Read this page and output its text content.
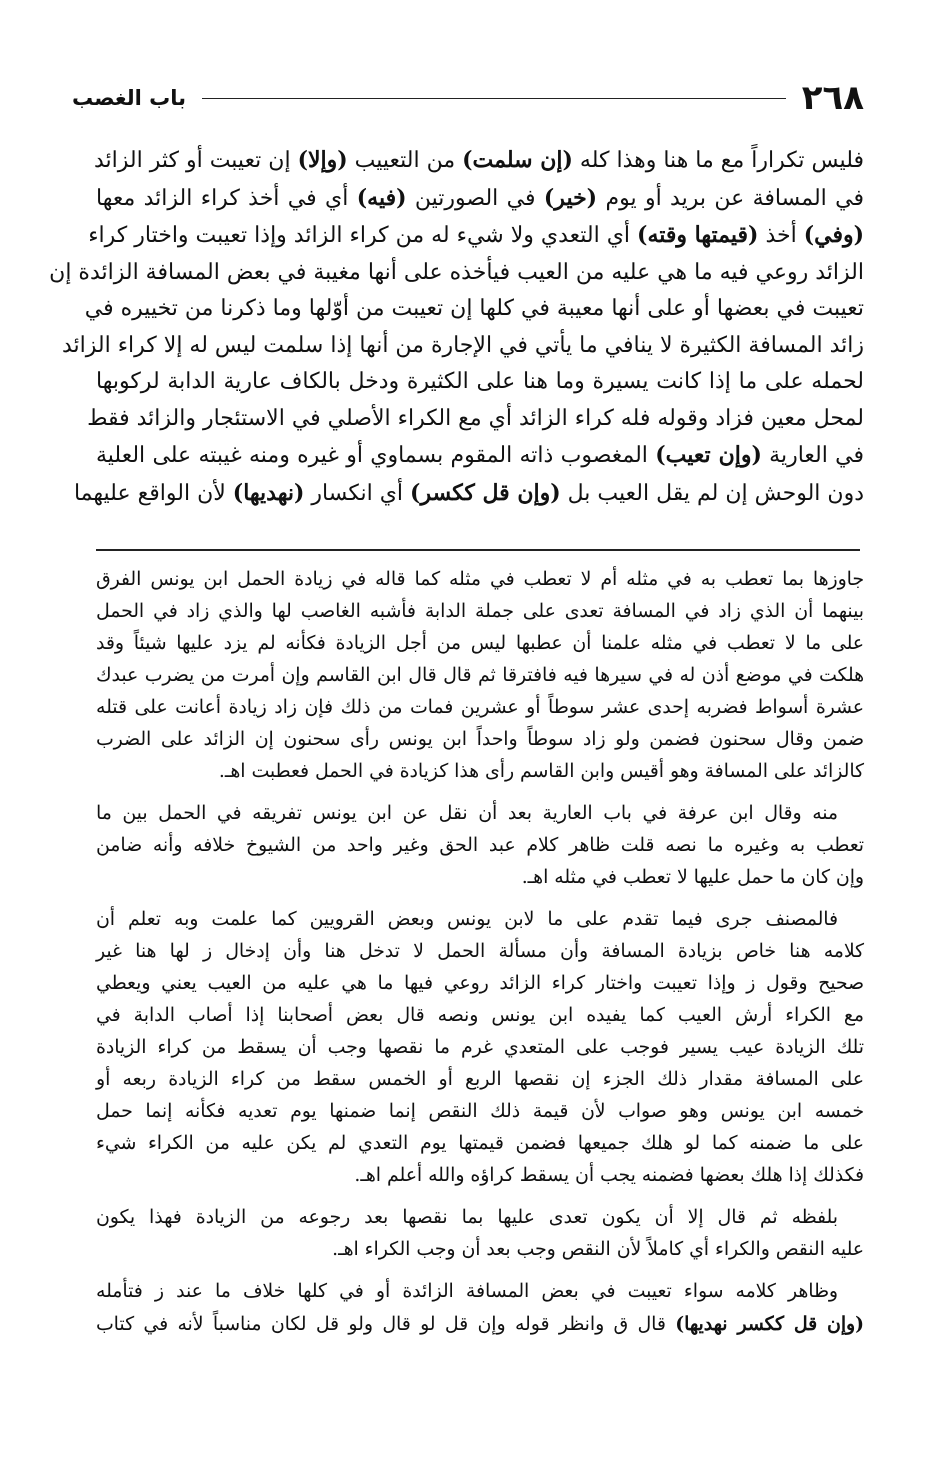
٢٦٨
باب الغصب
فليس تكراراً مع ما هنا وهذا كله (إن سلمت) من التعييب (وإلا) إن تعيبت أو كثر الزائد
في المسافة عن بريد أو يوم (خير) في الصورتين (فيه) أي في أخذ كراء الزائد معها
(وفي) أخذ (قيمتها وقته) أي التعدي ولا شيء له من كراء الزائد وإذا تعيبت واختار كراء
الزائد روعي فيه ما هي عليه من العيب فيأخذه على أنها مغيبة في بعض المسافة الزائدة إن
تعيبت في بعضها أو على أنها معيبة في كلها إن تعيبت من أوّلها وما ذكرنا من تخييره في
زائد المسافة الكثيرة لا ينافي ما يأتي في الإجارة من أنها إذا سلمت ليس له إلا كراء الزائد
لحمله على ما إذا كانت يسيرة وما هنا على الكثيرة ودخل بالكاف عارية الدابة لركوبها
لمحل معين فزاد وقوله فله كراء الزائد أي مع الكراء الأصلي في الاستئجار والزائد فقط
في العارية (وإن تعيب) المغصوب ذاته المقوم بسماوي أو غيره ومنه غيبته على العلية
دون الوحش إن لم يقل العيب بل (وإن قل ككسر) أي انكسار (نهديها) لأن الواقع عليهما

جاوزها بما تعطب به في مثله أم لا تعطب في مثله كما قاله في زيادة الحمل ابن يونس الفرق
بينهما أن الذي زاد في المسافة تعدى على جملة الدابة فأشبه الغاصب لها والذي زاد في الحمل
على ما لا تعطب في مثله علمنا أن عطبها ليس من أجل الزيادة فكأنه لم يزد عليها شيئاً وقد
هلكت في موضع أذن له في سيرها فيه فافترقا ثم قال قال ابن القاسم وإن أمرت من يضرب عبدك
عشرة أسواط فضربه إحدى عشر سوطاً أو عشرين فمات من ذلك فإن زاد زيادة أعانت على قتله
ضمن وقال سحنون فضمن ولو زاد سوطاً واحداً ابن يونس رأى سحنون إن الزائد على الضرب
كالزائد على المسافة وهو أقيس وابن القاسم رأى هذا كزيادة في الحمل فعطبت اهـ.

منه وقال ابن عرفة في باب العارية بعد أن نقل عن ابن يونس تفريقه في الحمل بين ما
تعطب به وغيره ما نصه قلت ظاهر كلام عبد الحق وغير واحد من الشيوخ خلافه وأنه ضامن
وإن كان ما حمل عليها لا تعطب في مثله اهـ.

فالمصنف جرى فيما تقدم على ما لابن يونس وبعض القرويين كما علمت وبه تعلم أن
كلامه هنا خاص بزيادة المسافة وأن مسألة الحمل لا تدخل هنا وأن إدخال ز لها هنا غير
صحيح وقول ز وإذا تعيبت واختار كراء الزائد روعي فيها ما هي عليه من العيب يعني ويعطي
مع الكراء أرش العيب كما يفيده ابن يونس ونصه قال بعض أصحابنا إذا أصاب الدابة في
تلك الزيادة عيب يسير فوجب على المتعدي غرم ما نقصها وجب أن يسقط من كراء الزيادة
على المسافة مقدار ذلك الجزء إن نقصها الربع أو الخمس سقط من كراء الزيادة ربعه أو
خمسه ابن يونس وهو صواب لأن قيمة ذلك النقص إنما ضمنها يوم تعديه فكأنه إنما حمل
على ما ضمنه كما لو هلك جميعها فضمن قيمتها يوم التعدي لم يكن عليه من الكراء شيء
فكذلك إذا هلك بعضها فضمنه يجب أن يسقط كراؤه والله أعلم اهـ.

بلفظه ثم قال إلا أن يكون تعدى عليها بما نقصها بعد رجوعه من الزيادة فهذا يكون
عليه النقص والكراء أي كاملاً لأن النقص وجب بعد أن وجب الكراء اهـ.

وظاهر كلامه سواء تعيبت في بعض المسافة الزائدة أو في كلها خلاف ما عند ز فتأمله
(وإن قل ككسر نهديها) قال ق وانظر قوله وإن قل لو قال ولو قل لكان مناسباً لأنه في كتاب
